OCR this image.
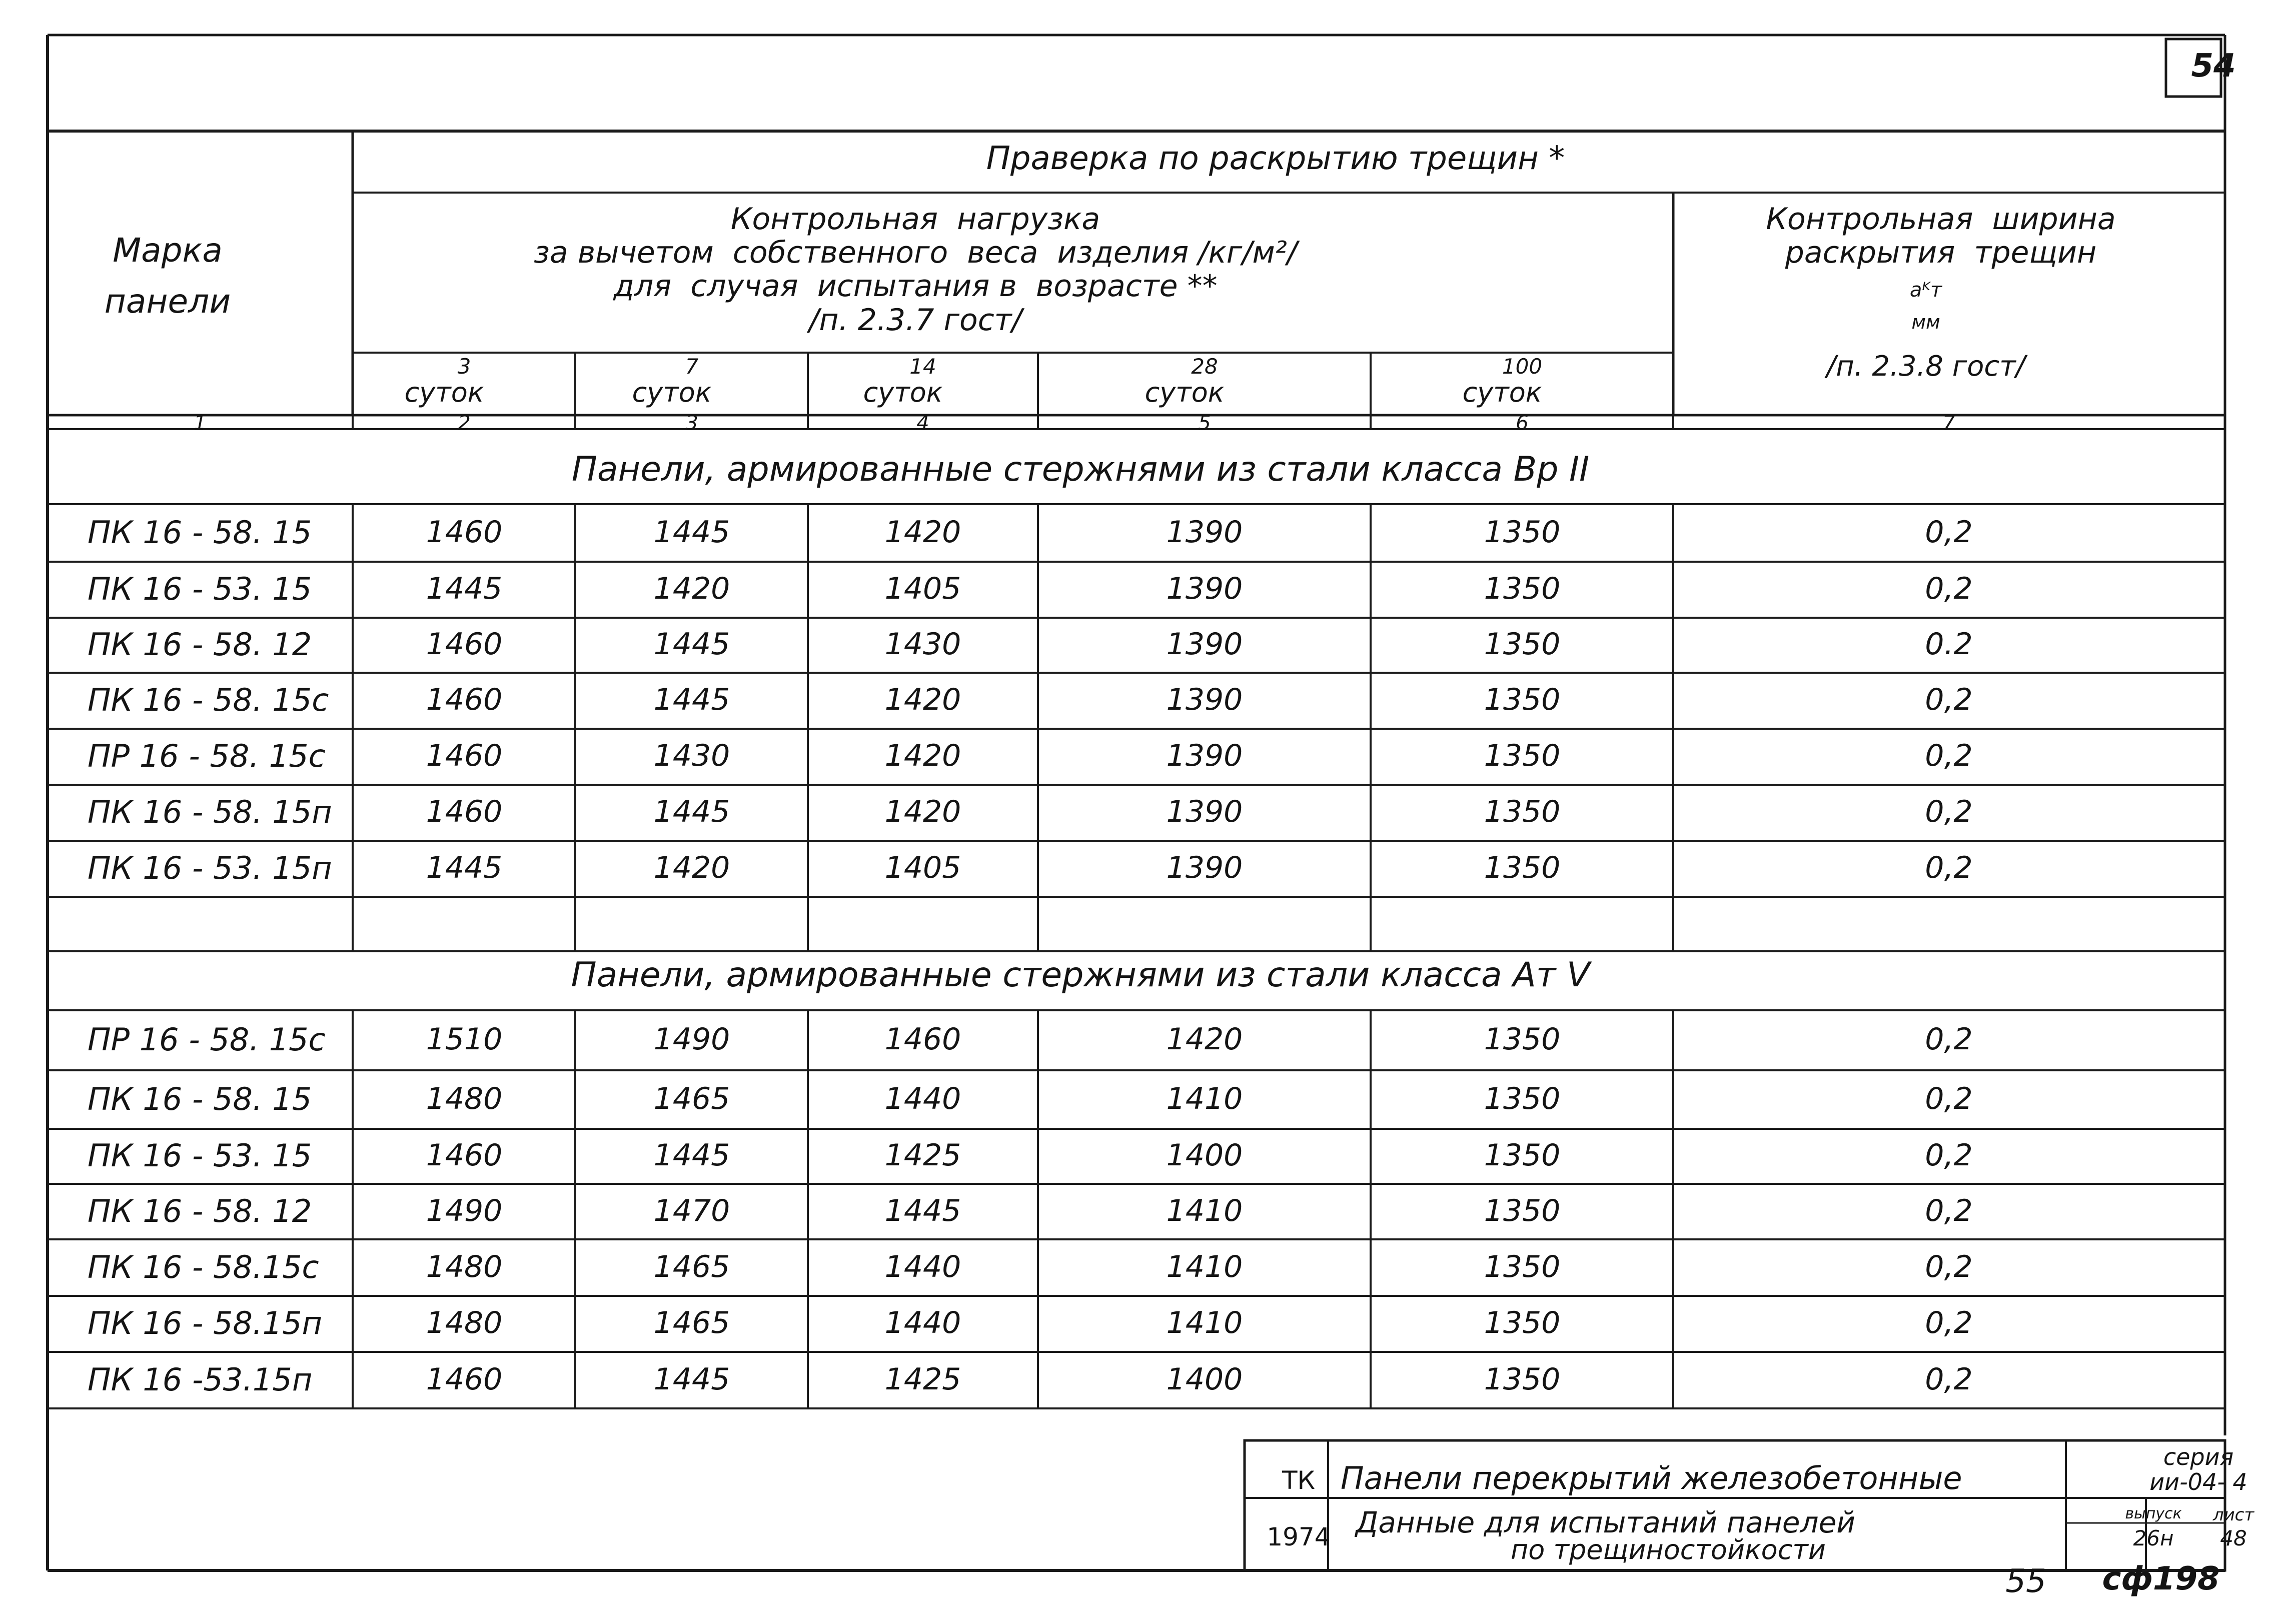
54
Праверка по раскрытию трещин *
Марка
панели
Контрольная  нагрузка
за вычетом  собственного  веса  изделия /кг/м²/
для  случая  испытания в  возрасте **
/п. 2.3.7 гост/
Контрольная  ширина
раскрытия  трещин
aᴷт
мм
/п. 2.3.8 гост/
3
суток
7
суток
14
суток
28
суток
100
суток
1	2	3	4	5	6	7
Панели, армированные стержнями из стали класса Вр II
ПК 16 - 58. 15	1460	1445	1420	1390	1350	0,2
ПК 16 - 53. 15	1445	1420	1405	1390	1350	0,2
ПК 16 - 58. 12	1460	1445	1430	1390	1350	0.2
ПК 16 - 58. 15с	1460	1445	1420	1390	1350	0,2
ПР 16 - 58. 15с	1460	1430	1420	1390	1350	0,2
ПК 16 - 58. 15п	1460	1445	1420	1390	1350	0,2
ПК 16 - 53. 15п	1445	1420	1405	1390	1350	0,2
Панели, армированные стержнями из стали класса Ат V
ПР 16 - 58. 15с	1510	1490	1460	1420	1350	0,2
ПК 16 - 58. 15	1480	1465	1440	1410	1350	0,2
ПК 16 - 53. 15	1460	1445	1425	1400	1350	0,2
ПК 16 - 58. 12	1490	1470	1445	1410	1350	0,2
ПК 16 - 58.15с	1480	1465	1440	1410	1350	0,2
ПК 16 - 58.15п	1480	1465	1440	1410	1350	0,2
ПК 16 -53.15п	1460	1445	1425	1400	1350	0,2
ТК
1974
Панели перекрытий железобетонные
Данные для испытаний панелей
по трещиностойкости
серия
ии-04- 4
выпуск
26н
лист
48
55 сф198
